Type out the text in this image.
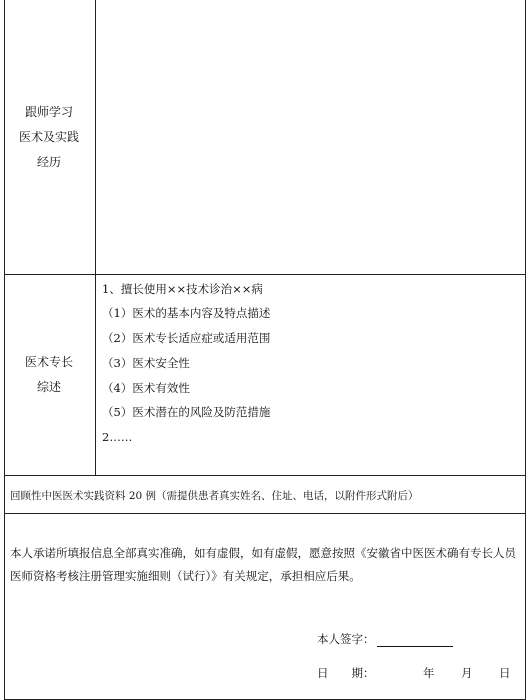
跟师学习
医术及实践
经历
医术专长
综述
1、擅长使用××技术诊治××病
（1）医术的基本内容及特点描述
（2）医术专长适应症或适用范围
（3）医术安全性
（4）医术有效性
（5）医术潜在的风险及防范措施
2……
回顾性中医医术实践资料 20 例（需提供患者真实姓名、住址、电话，以附件形式附后）
本人承诺所填报信息全部真实准确，如有虚假，如有虚假，愿意按照《安徽省中医医术确有专长人员医师资格考核注册管理实施细则（试行）》有关规定，承担相应后果。
本人签字：
日　　期：	年 月 日
